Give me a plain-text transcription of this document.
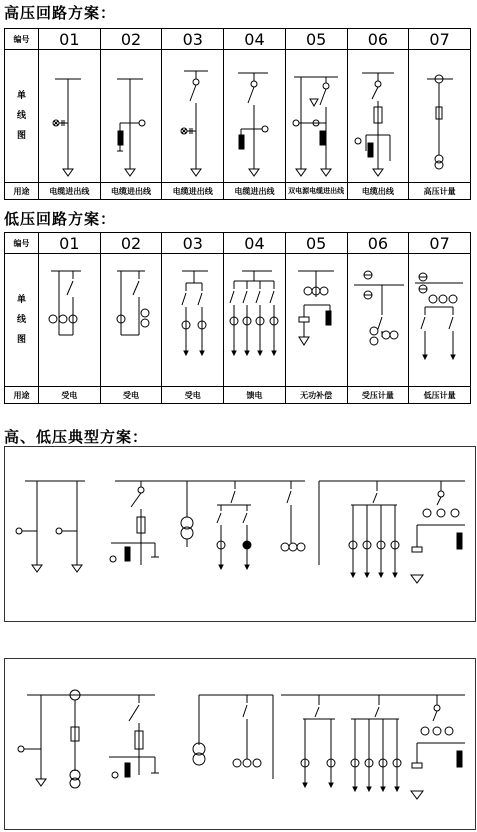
高压回路方案：
编号	01	02	03	04	05	06	07

单
线
图

用途	电缆进出线	电缆进出线	电缆进出线	电缆进出线	双电源电缆进出线	电缆出线	高压计量
低压回路方案：
编号	01	02	03	04	05	06	07

单
线
图

用途	受电	受电	受电	馈电	无功补偿	受压计量	低压计量
高、低压典型方案：
